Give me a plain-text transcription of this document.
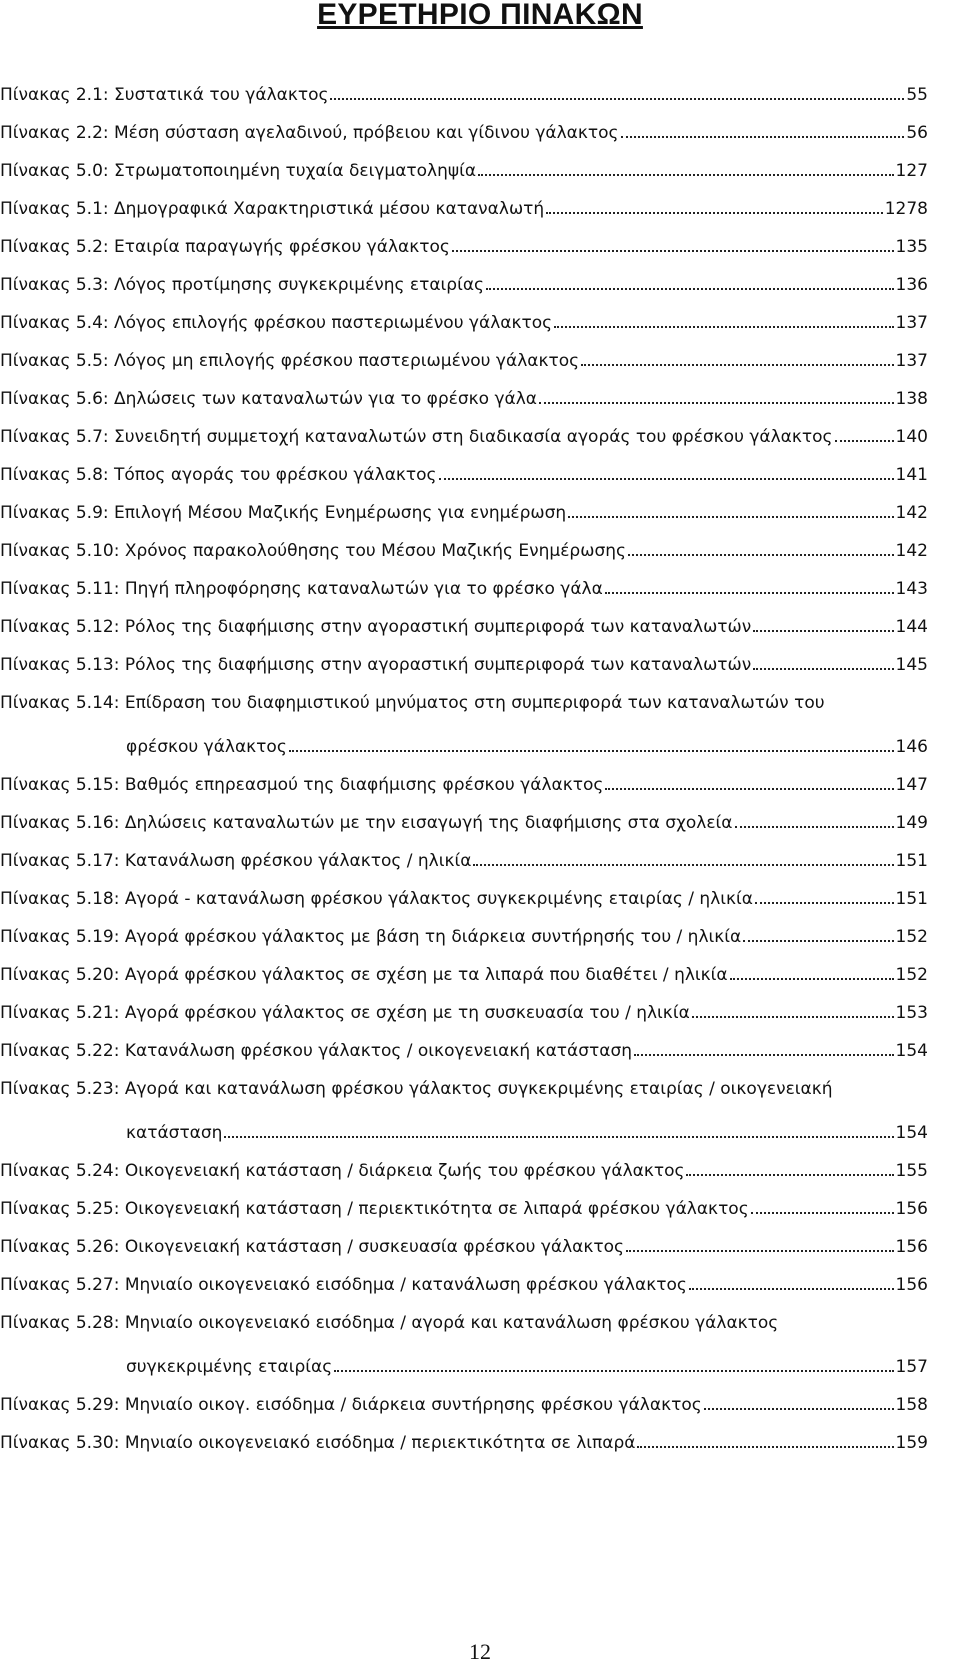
ΕΥΡΕΤΗΡΙΟ ΠΙΝΑΚΩΝ
Πίνακας 2.1: Συστατικά του γάλακτος	55
Πίνακας 2.2: Μέση σύσταση αγελαδινού, πρόβειου και γίδινου γάλακτος	56
Πίνακας 5.0: Στρωματοποιημένη τυχαία δειγματοληψία	127
Πίνακας 5.1: Δημογραφικά Χαρακτηριστικά μέσου καταναλωτή	1278
Πίνακας 5.2: Εταιρία παραγωγής φρέσκου γάλακτος	135
Πίνακας 5.3: Λόγος προτίμησης συγκεκριμένης εταιρίας	136
Πίνακας 5.4: Λόγος επιλογής φρέσκου παστεριωμένου γάλακτος	137
Πίνακας 5.5: Λόγος μη επιλογής φρέσκου παστεριωμένου γάλακτος	137
Πίνακας 5.6: Δηλώσεις των καταναλωτών για το φρέσκο γάλα	138
Πίνακας 5.7: Συνειδητή συμμετοχή καταναλωτών στη διαδικασία αγοράς του φρέσκου γάλακτος	140
Πίνακας 5.8: Τόπος αγοράς του φρέσκου γάλακτος	141
Πίνακας 5.9: Επιλογή Μέσου Μαζικής Ενημέρωσης για ενημέρωση	142
Πίνακας 5.10: Χρόνος παρακολούθησης του Μέσου Μαζικής Ενημέρωσης	142
Πίνακας 5.11: Πηγή πληροφόρησης καταναλωτών για το φρέσκο γάλα	143
Πίνακας 5.12: Ρόλος της διαφήμισης στην αγοραστική συμπεριφορά των καταναλωτών	144
Πίνακας 5.13: Ρόλος της διαφήμισης στην αγοραστική συμπεριφορά των καταναλωτών	145
Πίνακας 5.14: Επίδραση του διαφημιστικού μηνύματος στη συμπεριφορά των καταναλωτών του
φρέσκου γάλακτος	146
Πίνακας 5.15: Βαθμός επηρεασμού της διαφήμισης φρέσκου γάλακτος	147
Πίνακας 5.16: Δηλώσεις καταναλωτών με την εισαγωγή της διαφήμισης στα σχολεία	149
Πίνακας 5.17: Κατανάλωση φρέσκου γάλακτος / ηλικία	151
Πίνακας 5.18: Αγορά - κατανάλωση φρέσκου γάλακτος συγκεκριμένης εταιρίας / ηλικία	151
Πίνακας 5.19: Αγορά φρέσκου γάλακτος με βάση τη διάρκεια συντήρησής του / ηλικία	152
Πίνακας 5.20: Αγορά φρέσκου γάλακτος σε σχέση με τα λιπαρά που διαθέτει / ηλικία	152
Πίνακας 5.21: Αγορά φρέσκου γάλακτος σε σχέση με τη συσκευασία του / ηλικία	153
Πίνακας 5.22: Κατανάλωση φρέσκου γάλακτος / οικογενειακή κατάσταση	154
Πίνακας 5.23: Αγορά και κατανάλωση φρέσκου γάλακτος συγκεκριμένης εταιρίας / οικογενειακή
κατάσταση	154
Πίνακας 5.24: Οικογενειακή κατάσταση / διάρκεια ζωής του φρέσκου γάλακτος	155
Πίνακας 5.25: Οικογενειακή κατάσταση / περιεκτικότητα σε λιπαρά φρέσκου γάλακτος	156
Πίνακας 5.26: Οικογενειακή κατάσταση / συσκευασία φρέσκου γάλακτος	156
Πίνακας 5.27: Μηνιαίο οικογενειακό εισόδημα / κατανάλωση φρέσκου γάλακτος	156
Πίνακας 5.28: Μηνιαίο οικογενειακό εισόδημα / αγορά και κατανάλωση φρέσκου γάλακτος
συγκεκριμένης εταιρίας	157
Πίνακας 5.29: Μηνιαίο οικογ. εισόδημα / διάρκεια συντήρησης φρέσκου γάλακτος	158
Πίνακας 5.30: Μηνιαίο οικογενειακό εισόδημα / περιεκτικότητα σε λιπαρά	159
12
